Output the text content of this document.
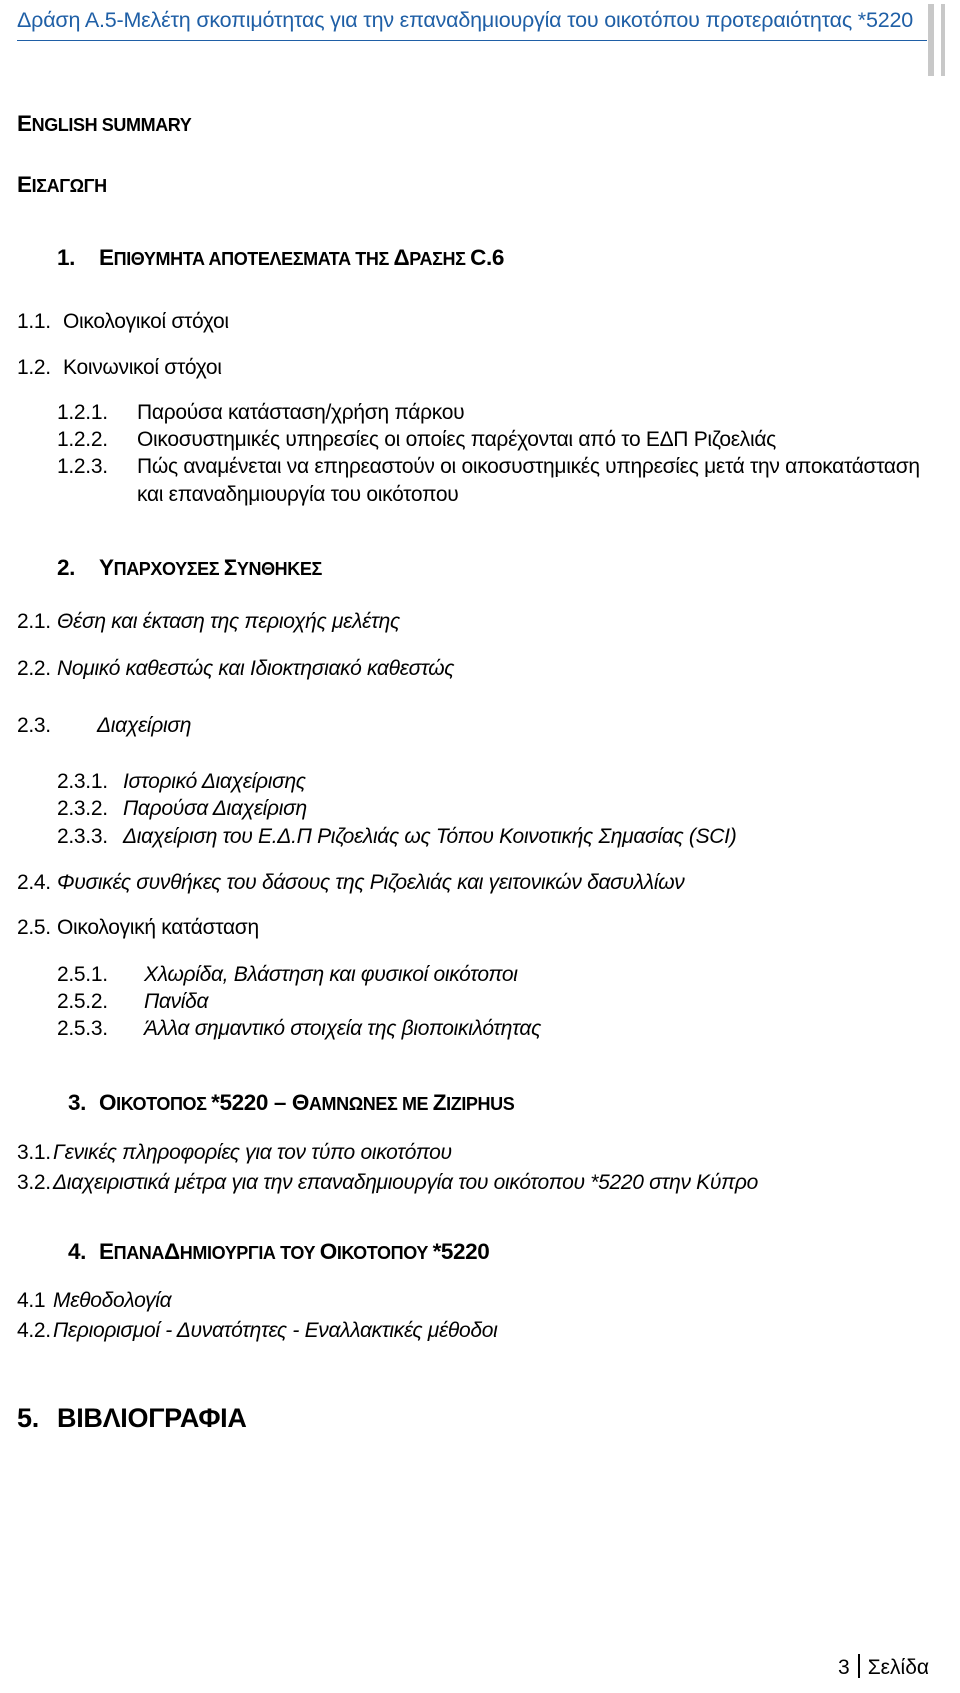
Δράση Α.5-Μελέτη σκοπιμότητας για την επαναδημιουργία του οικοτόπου προτεραιότητας *5220
ENGLISH SUMMARY
ΕΙΣΑΓΩΓΗ
1. ΕΠΙΘΥΜΗΤΑ ΑΠΟΤΕΛΕΣΜΑΤΑ ΤΗΣ ΔΡΑΣΗΣ C.6
1.1. Οικολογικοί στόχοι
1.2. Κοινωνικοί στόχοι
1.2.1. Παρούσα κατάσταση/χρήση πάρκου
1.2.2. Οικοσυστημικές υπηρεσίες οι οποίες παρέχονται από το ΕΔΠ Ριζοελιάς
1.2.3. Πώς αναμένεται να επηρεαστούν οι οικοσυστημικές υπηρεσίες μετά την αποκατάσταση
και επαναδημιουργία του οικότοπου
2. ΥΠΑΡΧΟΥΣΕΣ ΣΥΝΘΗΚΕΣ
2.1. Θέση και έκταση της περιοχής μελέτης
2.2. Νομικό καθεστώς και Ιδιοκτησιακό καθεστώς
2.3. Διαχείριση
2.3.1. Ιστορικό Διαχείρισης
2.3.2. Παρούσα Διαχείριση
2.3.3. Διαχείριση του Ε.Δ.Π Ριζοελιάς ως Τόπου Κοινοτικής Σημασίας (SCI)
2.4. Φυσικές συνθήκες του δάσους της Ριζοελιάς και γειτονικών δασυλλίων
2.5. Οικολογική κατάσταση
2.5.1. Χλωρίδα, Βλάστηση και φυσικοί οικότοποι
2.5.2. Πανίδα
2.5.3. Άλλα σημαντικό στοιχεία της βιοποικιλότητας
3. ΟΙΚΟΤΟΠΟΣ *5220 – ΘΑΜΝΩΝΕΣ ΜΕ ZIZIPHUS
3.1. Γενικές πληροφορίες για τον τύπο οικοτόπου
3.2. Διαχειριστικά μέτρα για την επαναδημιουργία του οικότοπου *5220 στην Κύπρο
4. ΕΠΑΝΑΔΗΜΙΟΥΡΓΙΑ ΤΟΥ ΟΙΚΟΤΟΠΟΥ *5220
4.1 Μεθοδολογία
4.2. Περιορισμοί - Δυνατότητες - Εναλλακτικές μέθοδοι
5. ΒΙΒΛΙΟΓΡΑΦΙΑ
3 Σελίδα
